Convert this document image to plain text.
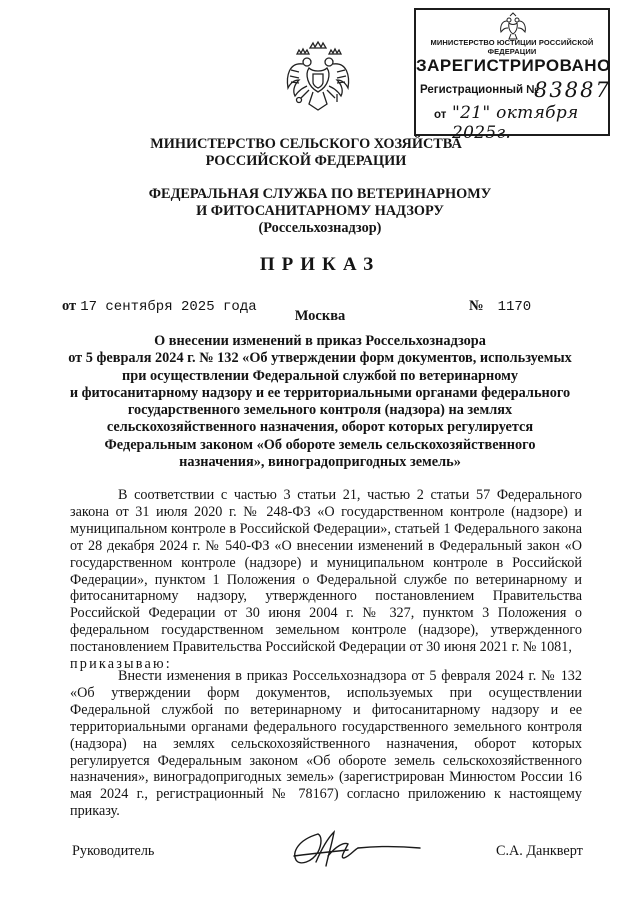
МИНИСТЕРСТВО ЮСТИЦИИ РОССИЙСКОЙ ФЕДЕРАЦИИ
ЗАРЕГИСТРИРОВАНО
Регистрационный №
83887
от "21" октября 2025г.
МИНИСТЕРСТВО СЕЛЬСКОГО ХОЗЯЙСТВА
РОССИЙСКОЙ ФЕДЕРАЦИИ
ФЕДЕРАЛЬНАЯ СЛУЖБА ПО ВЕТЕРИНАРНОМУ
И ФИТОСАНИТАРНОМУ НАДЗОРУ
(Россельхознадзор)
ПРИКАЗ
от 17 сентября 2025 года
Москва
№ 1170
О внесении изменений в приказ Россельхознадзора
от 5 февраля 2024 г. № 132 «Об утверждении форм документов, используемых
при осуществлении Федеральной службой по ветеринарному
и фитосанитарному надзору и ее территориальными органами федерального
государственного земельного контроля (надзора) на землях
сельскохозяйственного назначения, оборот которых регулируется
Федеральным законом «Об обороте земель сельскохозяйственного
назначения», виноградопригодных земель»
В соответствии с частью 3 статьи 21, частью 2 статьи 57 Федерального закона от 31 июля 2020 г. № 248-ФЗ «О государственном контроле (надзоре) и муниципальном контроле в Российской Федерации», статьей 1 Федерального закона от 28 декабря 2024 г. № 540-ФЗ «О внесении изменений в Федеральный закон «О государственном контроле (надзоре) и муниципальном контроле в Российской Федерации», пунктом 1 Положения о Федеральной службе по ветеринарному и фитосанитарному надзору, утвержденного постановлением Правительства Российской Федерации от 30 июня 2004 г. № 327, пунктом 3 Положения о федеральном государственном земельном контроле (надзоре), утвержденного постановлением Правительства Российской Федерации от 30 июня 2021 г. № 1081,
приказываю:
Внести изменения в приказ Россельхознадзора от 5 февраля 2024 г. № 132 «Об утверждении форм документов, используемых при осуществлении Федеральной службой по ветеринарному и фитосанитарному надзору и ее территориальными органами федерального государственного земельного контроля (надзора) на землях сельскохозяйственного назначения, оборот которых регулируется Федеральным законом «Об обороте земель сельскохозяйственного назначения», виноградопригодных земель» (зарегистрирован Минюстом России 16 мая 2024 г., регистрационный № 78167) согласно приложению к настоящему приказу.
Руководитель	С.А. Данкверт
